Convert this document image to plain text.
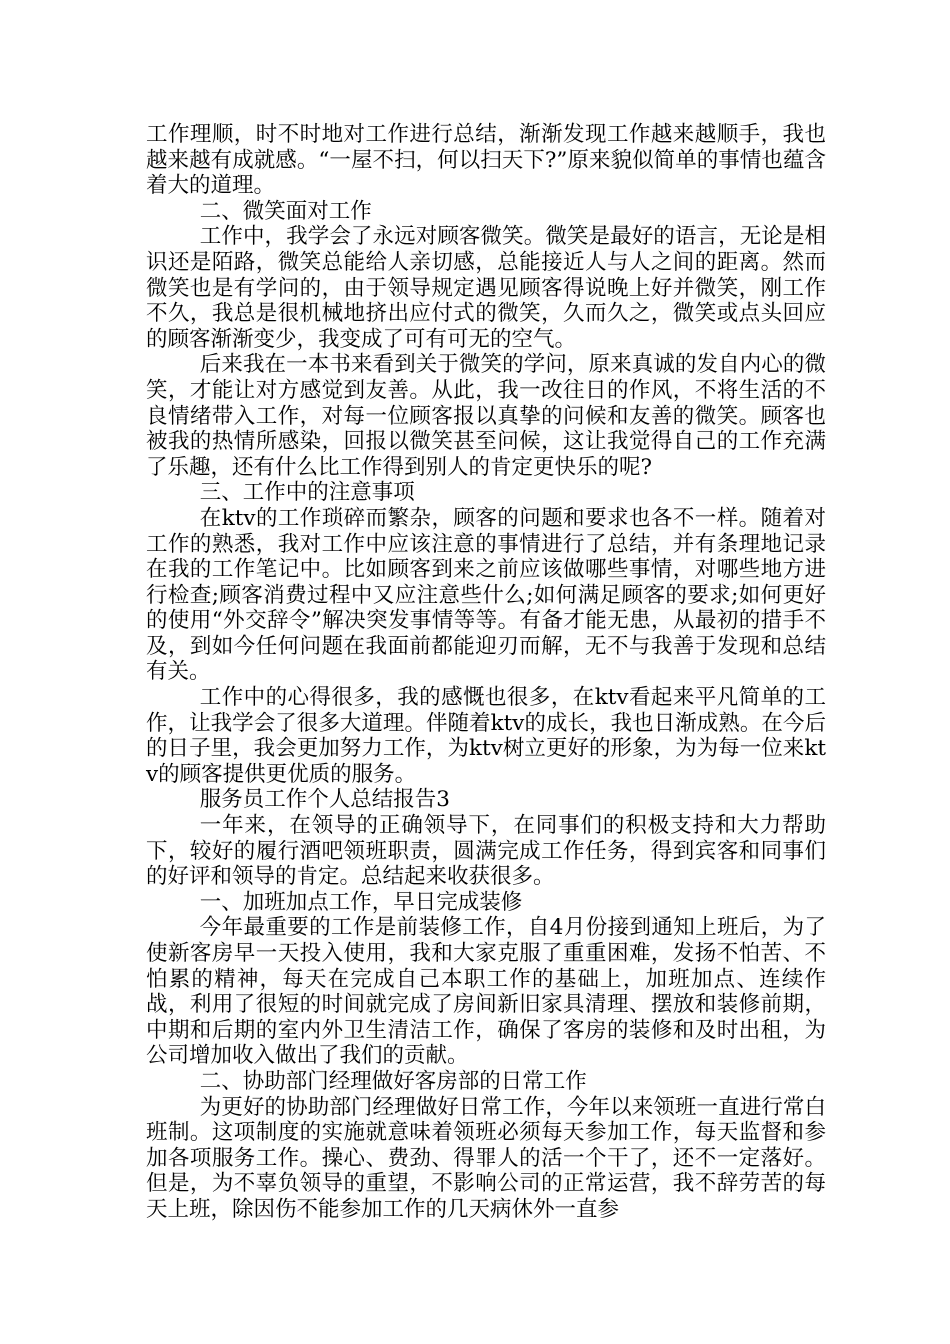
工作理顺，时不时地对工作进行总结，渐渐发现工作越来越顺手，我也越来越有成就感。“一屋不扫，何以扫天下?”原来貌似简单的事情也蕴含着大的道理。

二、微笑面对工作

工作中，我学会了永远对顾客微笑。微笑是最好的语言，无论是相识还是陌路，微笑总能给人亲切感，总能接近人与人之间的距离。然而微笑也是有学问的，由于领导规定遇见顾客得说晚上好并微笑，刚工作不久，我总是很机械地挤出应付式的微笑，久而久之，微笑或点头回应的顾客渐渐变少，我变成了可有可无的空气。

后来我在一本书来看到关于微笑的学问，原来真诚的发自内心的微笑，才能让对方感觉到友善。从此，我一改往日的作风，不将生活的不良情绪带入工作，对每一位顾客报以真挚的问候和友善的微笑。顾客也被我的热情所感染，回报以微笑甚至问候，这让我觉得自己的工作充满了乐趣，还有什么比工作得到别人的肯定更快乐的呢?

三、工作中的注意事项

在ktv的工作琐碎而繁杂，顾客的问题和要求也各不一样。随着对工作的熟悉，我对工作中应该注意的事情进行了总结，并有条理地记录在我的工作笔记中。比如顾客到来之前应该做哪些事情，对哪些地方进行检查;顾客消费过程中又应注意些什么;如何满足顾客的要求;如何更好的使用“外交辞令”解决突发事情等等。有备才能无患，从最初的措手不及，到如今任何问题在我面前都能迎刃而解，无不与我善于发现和总结有关。

工作中的心得很多，我的感慨也很多，在ktv看起来平凡简单的工作，让我学会了很多大道理。伴随着ktv的成长，我也日渐成熟。在今后的日子里，我会更加努力工作，为ktv树立更好的形象，为为每一位来ktv的顾客提供更优质的服务。

服务员工作个人总结报告3

一年来，在领导的正确领导下，在同事们的积极支持和大力帮助下，较好的履行酒吧领班职责，圆满完成工作任务，得到宾客和同事们的好评和领导的肯定。总结起来收获很多。

一、加班加点工作，早日完成装修

今年最重要的工作是前装修工作，自4月份接到通知上班后，为了使新客房早一天投入使用，我和大家克服了重重困难，发扬不怕苦、不怕累的精神，每天在完成自己本职工作的基础上，加班加点、连续作战，利用了很短的时间就完成了房间新旧家具清理、摆放和装修前期，中期和后期的室内外卫生清洁工作，确保了客房的装修和及时出租，为公司增加收入做出了我们的贡献。

二、协助部门经理做好客房部的日常工作

为更好的协助部门经理做好日常工作，今年以来领班一直进行常白班制。这项制度的实施就意味着领班必须每天参加工作，每天监督和参加各项服务工作。操心、费劲、得罪人的活一个干了，还不一定落好。但是，为不辜负领导的重望，不影响公司的正常运营，我不辞劳苦的每天上班，除因伤不能参加工作的几天病休外一直参
